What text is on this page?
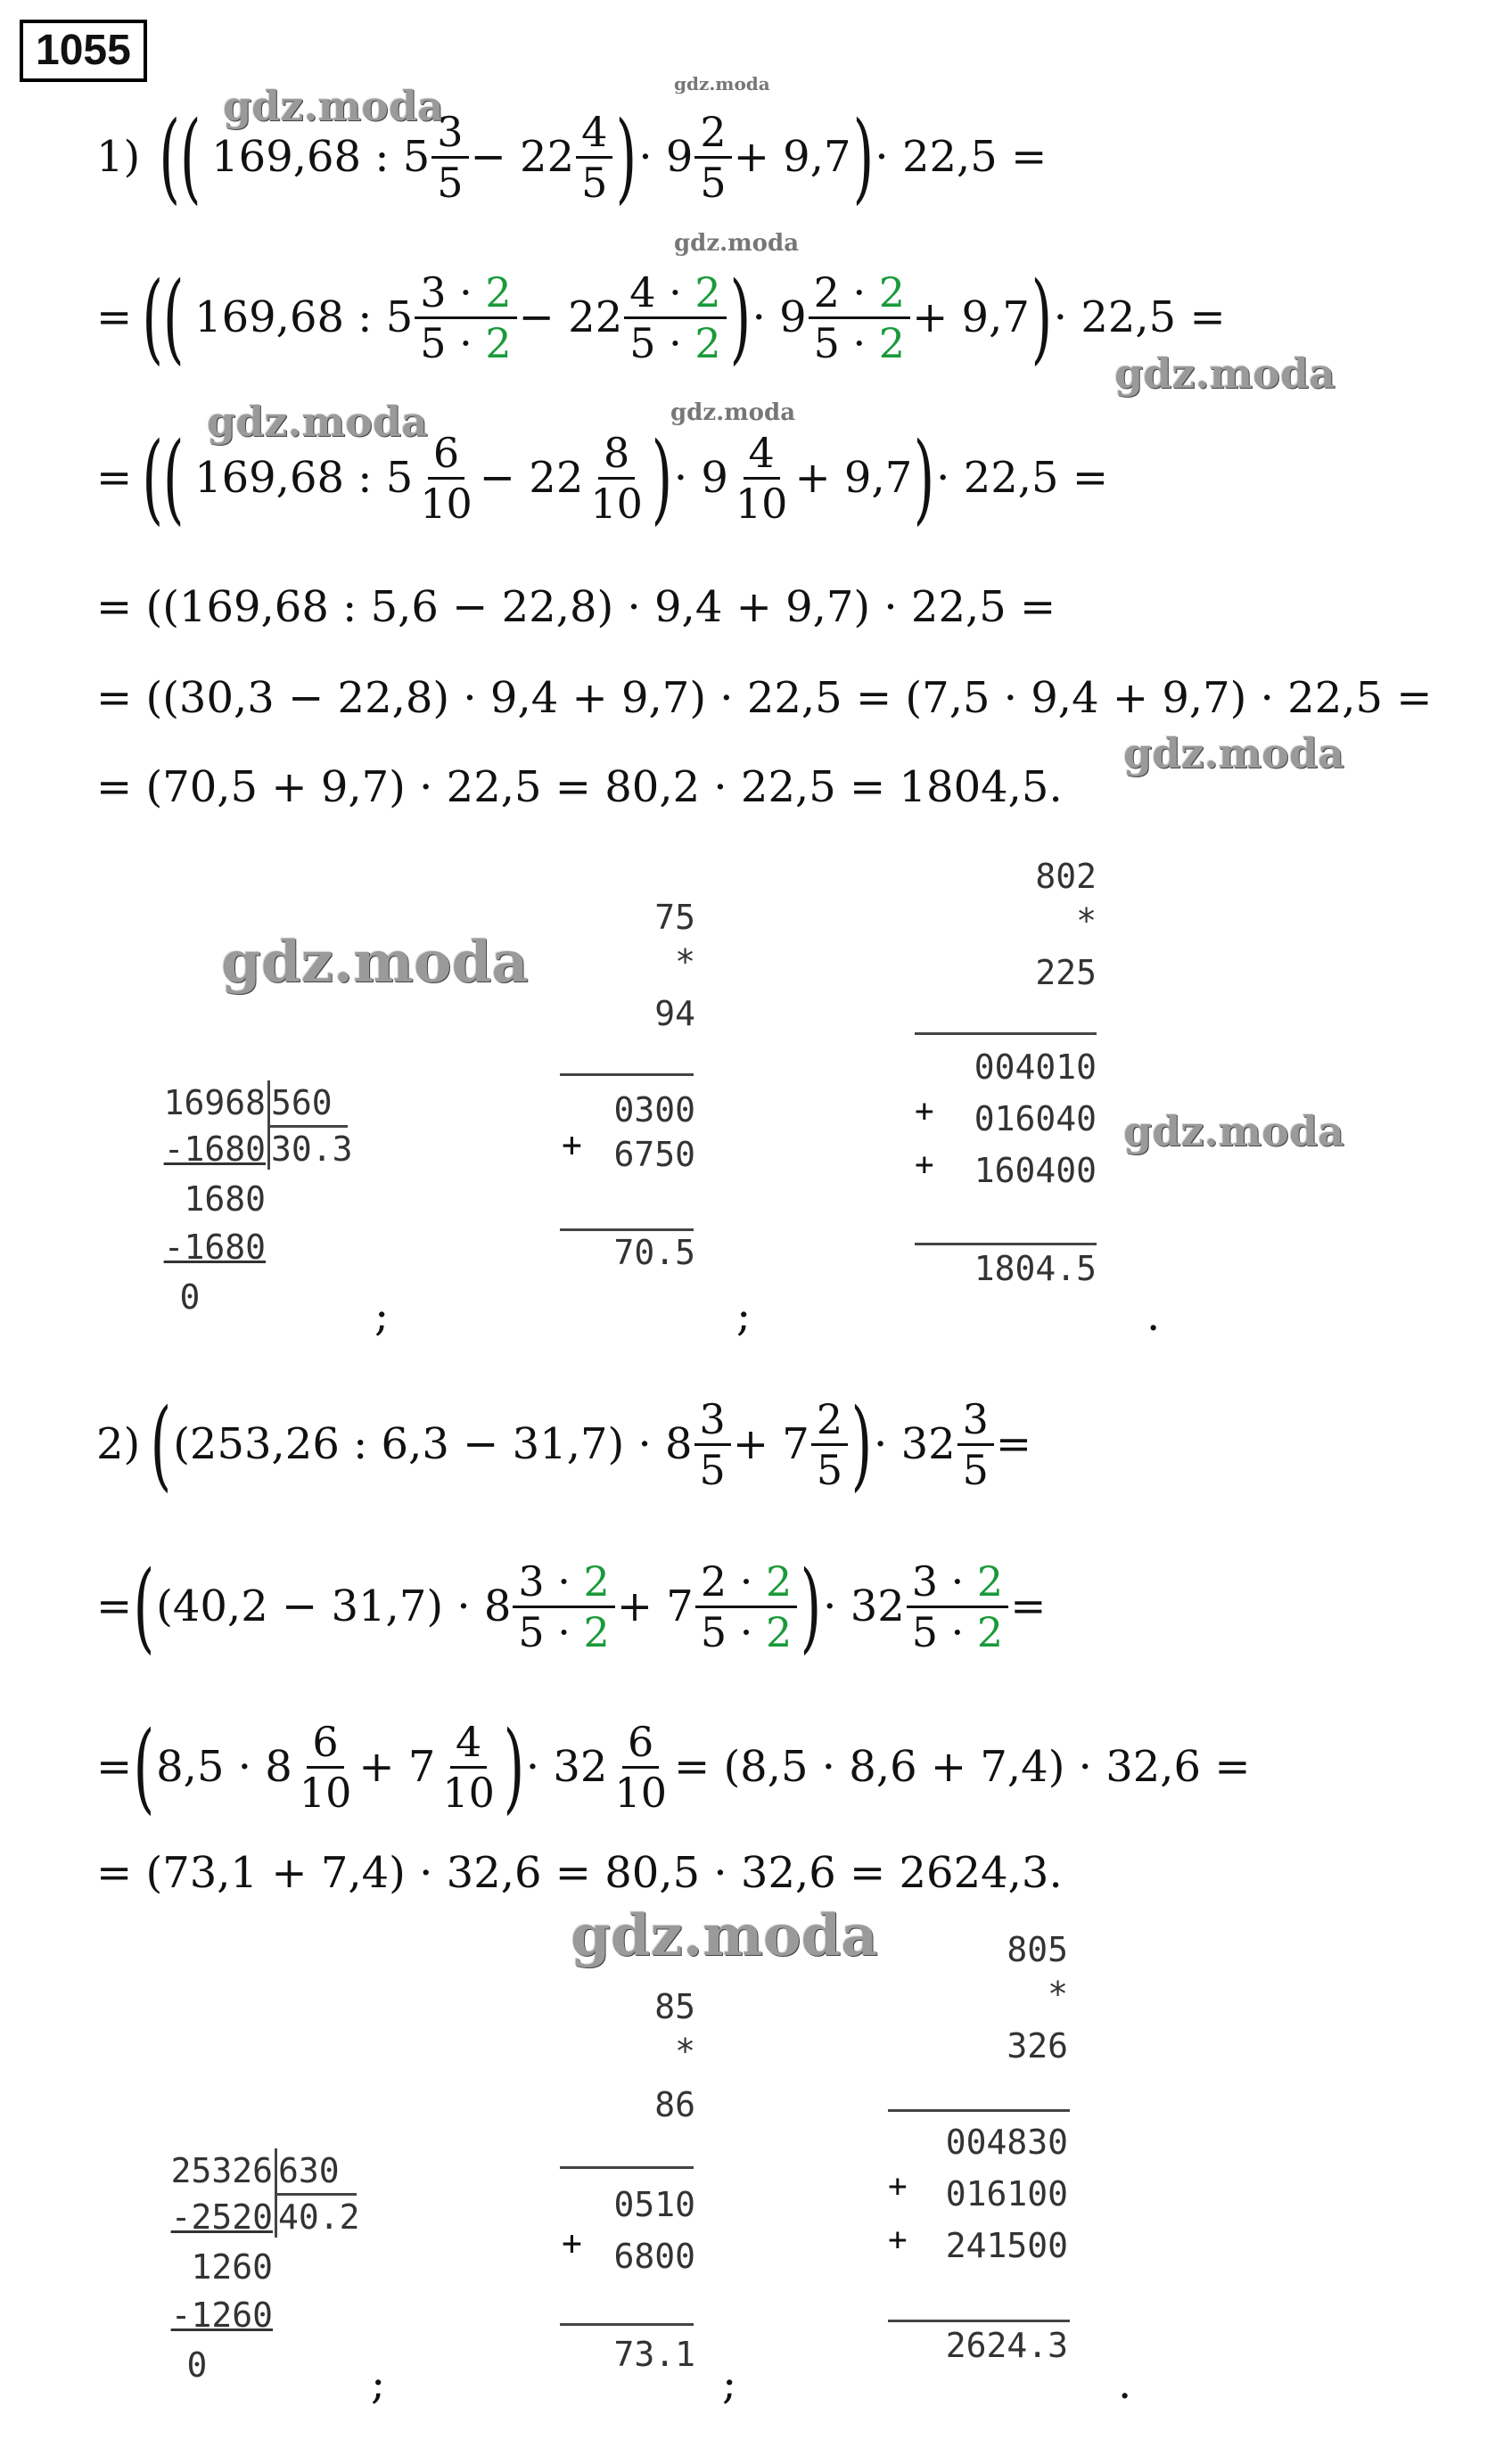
1055
gdz.moda	gdz.moda
gdz.moda
gdz.moda
gdz.moda	gdz.moda
gdz.moda
gdz.moda
gdz.moda
gdz.moda
1) (( 169,68 : $5 \frac{3}{5} - 22 \frac{4}{5}$ ) · $9 \frac{2}{5} + 9,7$ ) · 22,5 =
= (( 169,68 : $5 \frac{3 \cdot 2}{5 \cdot 2} - 22 \frac{4 \cdot 2}{5 \cdot 2}$ ) · $9 \frac{2 \cdot 2}{5 \cdot 2} + 9,7$ ) · 22,5 =
= (( 169,68 : $5 \frac{6}{10} - 22 \frac{8}{10}$ ) · $9 \frac{4}{10} + 9,7$ ) · 22,5 =
= ((169,68 : 5,6 − 22,8) · 9,4 + 9,7) · 22,5 =
= ((30,3 − 22,8) · 9,4 + 9,7) · 22,5 = (7,5 · 9,4 + 9,7) · 22,5 =
= (70,5 + 9,7) · 22,5 = 80,2 · 22,5 = 1804,5.
16968 560
30.3
-1680
1680
-1680
0	;
75
*
94
0300
6750
70.5
+
;
802
*
225
004010
016040
160400
1804.5
+
+
.
2) ( (253,26 : $6,3 - 31,7) \cdot 8 \frac{3}{5} + 7 \frac{2}{5}$ ) · $32 \frac{3}{5}$ =
= ( $(40,2 - 31,7) \cdot 8 \frac{3 \cdot 2}{5 \cdot 2} + 7 \frac{2 \cdot 2}{5 \cdot 2}$ ) · $32 \frac{3 \cdot 2}{5 \cdot 2}$ =
= ( $8,5 \cdot 8 \frac{6}{10} + 7 \frac{4}{10}$ ) · $32 \frac{6}{10} = (8,5 \cdot 8,6 + 7,4) \cdot 32,6$ =
= (73,1 + 7,4) · 32,6 = 80,5 · 32,6 = 2624,3.
25326 630
40.2
-2520
1260
-1260
0	;
85
*
86
0510
6800
73.1
+
;
805
*
326
004830
016100
241500
2624.3
+
+
.
